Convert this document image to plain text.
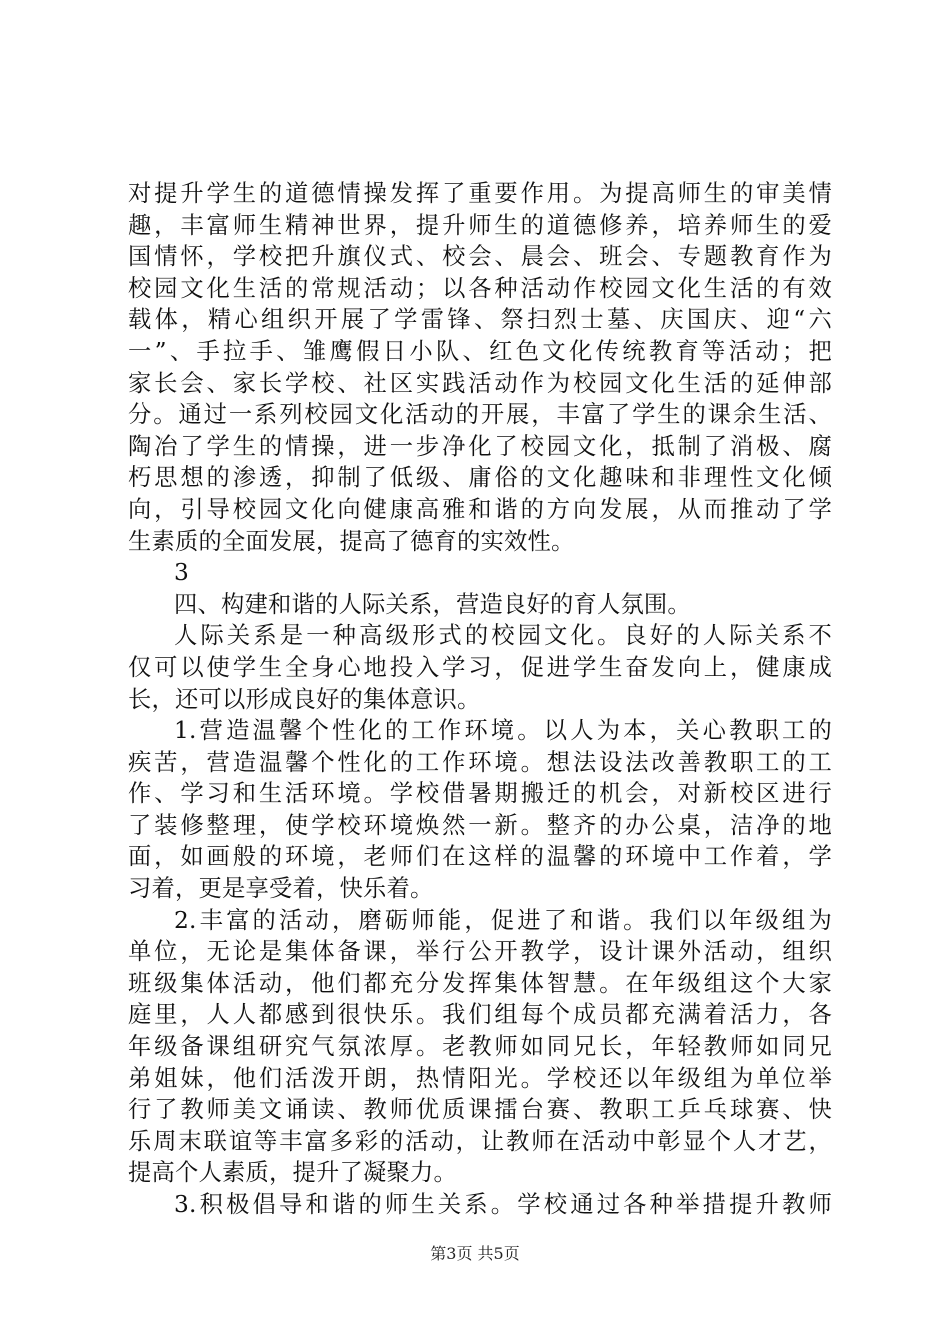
对提升学生的道德情操发挥了重要作用。为提高师生的审美情
趣，丰富师生精神世界，提升师生的道德修养，培养师生的爱
国情怀，学校把升旗仪式、校会、晨会、班会、专题教育作为
校园文化生活的常规活动；以各种活动作校园文化生活的有效
载体，精心组织开展了学雷锋、祭扫烈士墓、庆国庆、迎“六
一”、手拉手、雏鹰假日小队、红色文化传统教育等活动；把
家长会、家长学校、社区实践活动作为校园文化生活的延伸部
分。通过一系列校园文化活动的开展，丰富了学生的课余生活、
陶冶了学生的情操，进一步净化了校园文化，抵制了消极、腐
朽思想的渗透，抑制了低级、庸俗的文化趣味和非理性文化倾
向，引导校园文化向健康高雅和谐的方向发展，从而推动了学
生素质的全面发展，提高了德育的实效性。
3
四、构建和谐的人际关系，营造良好的育人氛围。
人际关系是一种高级形式的校园文化。良好的人际关系不
仅可以使学生全身心地投入学习，促进学生奋发向上，健康成
长，还可以形成良好的集体意识。
1.营造温馨个性化的工作环境。以人为本，关心教职工的
疾苦，营造温馨个性化的工作环境。想法设法改善教职工的工
作、学习和生活环境。学校借暑期搬迁的机会，对新校区进行
了装修整理，使学校环境焕然一新。整齐的办公桌，洁净的地
面，如画般的环境，老师们在这样的温馨的环境中工作着，学
习着，更是享受着，快乐着。
2.丰富的活动，磨砺师能，促进了和谐。我们以年级组为
单位，无论是集体备课，举行公开教学，设计课外活动，组织
班级集体活动，他们都充分发挥集体智慧。在年级组这个大家
庭里，人人都感到很快乐。我们组每个成员都充满着活力，各
年级备课组研究气氛浓厚。老教师如同兄长，年轻教师如同兄
弟姐妹，他们活泼开朗，热情阳光。学校还以年级组为单位举
行了教师美文诵读、教师优质课擂台赛、教职工乒乓球赛、快
乐周末联谊等丰富多彩的活动，让教师在活动中彰显个人才艺，
提高个人素质，提升了凝聚力。
3.积极倡导和谐的师生关系。学校通过各种举措提升教师
第3页 共5页
